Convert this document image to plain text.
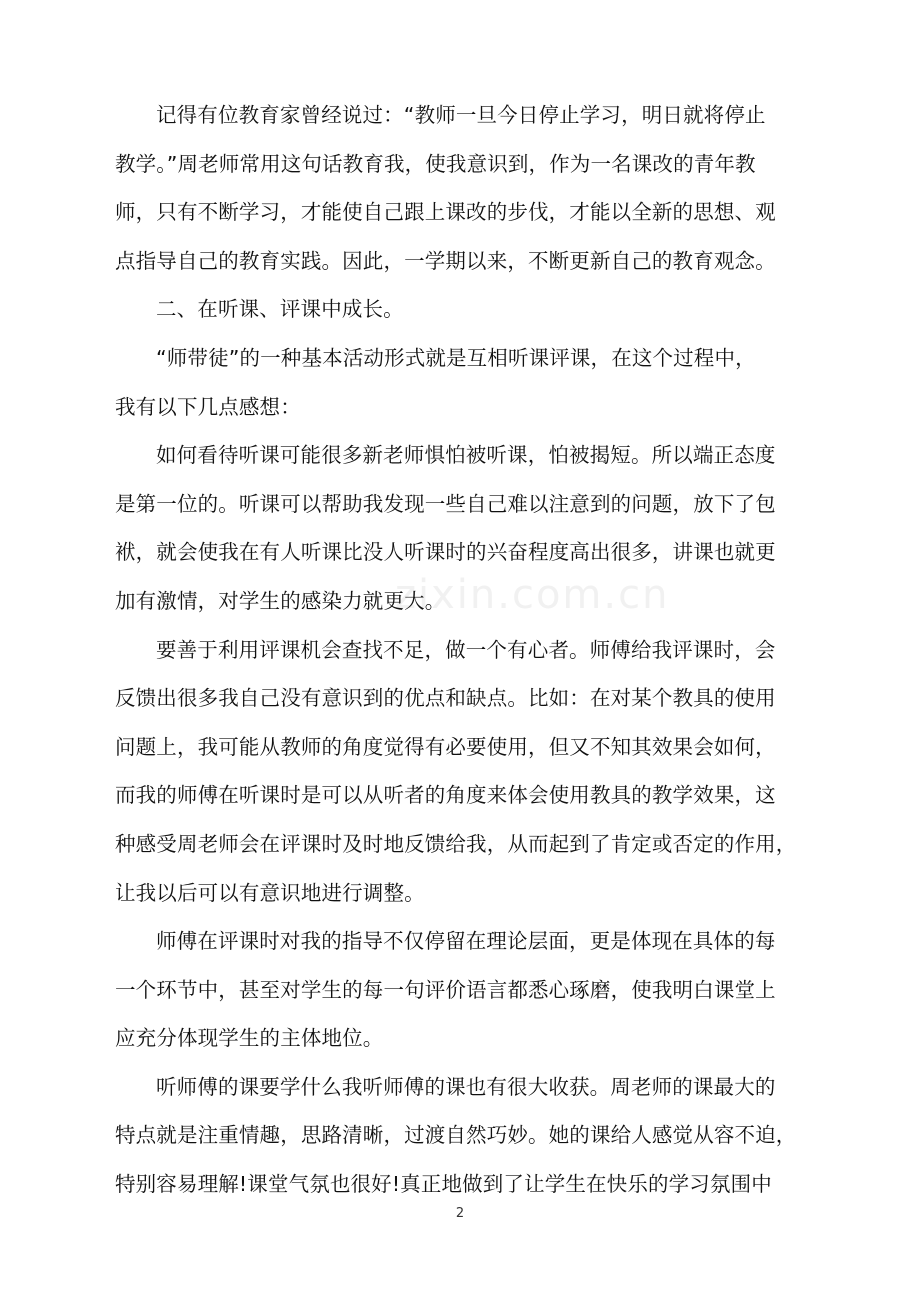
zixin.com.cn

记得有位教育家曾经说过：“教师一旦今日停止学习，明日就将停止
教学。”周老师常用这句话教育我，使我意识到，作为一名课改的青年教
师，只有不断学习，才能使自己跟上课改的步伐，才能以全新的思想、观
点指导自己的教育实践。因此，一学期以来，不断更新自己的教育观念。

二、在听课、评课中成长。

“师带徒”的一种基本活动形式就是互相听课评课，在这个过程中，
我有以下几点感想：

如何看待听课可能很多新老师惧怕被听课，怕被揭短。所以端正态度
是第一位的。听课可以帮助我发现一些自己难以注意到的问题，放下了包
袱，就会使我在有人听课比没人听课时的兴奋程度高出很多，讲课也就更
加有激情，对学生的感染力就更大。

要善于利用评课机会查找不足，做一个有心者。师傅给我评课时，会
反馈出很多我自己没有意识到的优点和缺点。比如：在对某个教具的使用
问题上，我可能从教师的角度觉得有必要使用，但又不知其效果会如何，
而我的师傅在听课时是可以从听者的角度来体会使用教具的教学效果，这
种感受周老师会在评课时及时地反馈给我，从而起到了肯定或否定的作用，
让我以后可以有意识地进行调整。

师傅在评课时对我的指导不仅停留在理论层面，更是体现在具体的每
一个环节中，甚至对学生的每一句评价语言都悉心琢磨，使我明白课堂上
应充分体现学生的主体地位。

听师傅的课要学什么我听师傅的课也有很大收获。周老师的课最大的
特点就是注重情趣，思路清晰，过渡自然巧妙。她的课给人感觉从容不迫，
特别容易理解!课堂气氛也很好!真正地做到了让学生在快乐的学习氛围中

2
